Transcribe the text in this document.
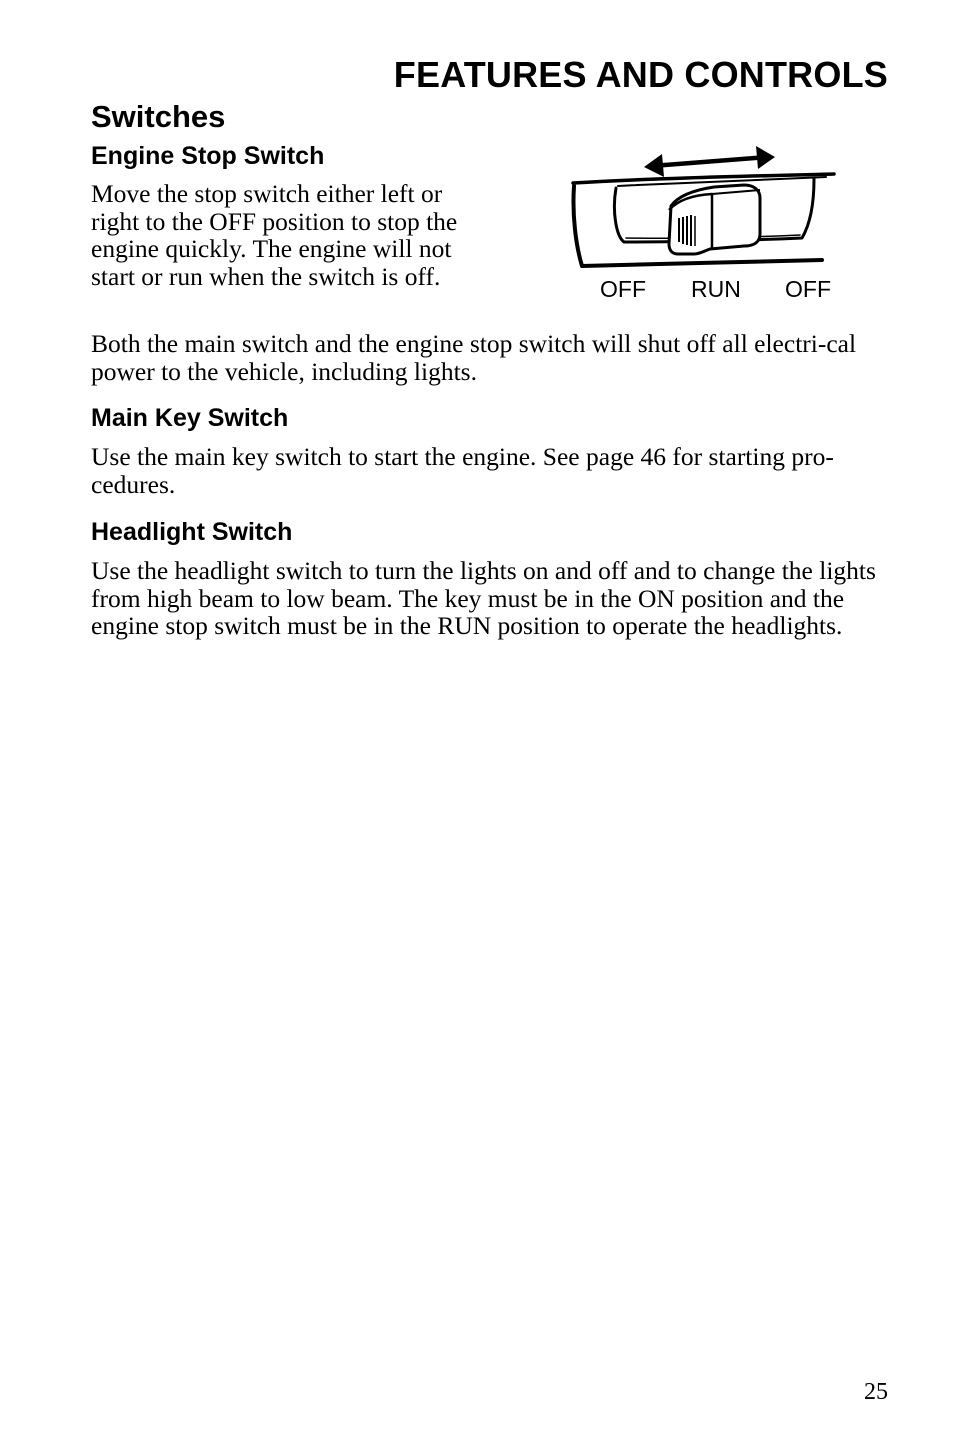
FEATURES AND CONTROLS
Switches
Engine Stop Switch

Move the stop switch either left or right to the OFF position to stop the engine quickly. The engine will not start or run when the switch is off.	OFF RUN OFF

Both the main switch and the engine stop switch will shut off all electri-cal power to the vehicle, including lights.

Main Key Switch

Use the main key switch to start the engine. See page 46 for starting pro-cedures.

Headlight Switch

Use the headlight switch to turn the lights on and off and to change the lights from high beam to low beam. The key must be in the ON position and the engine stop switch must be in the RUN position to operate the headlights.

25
